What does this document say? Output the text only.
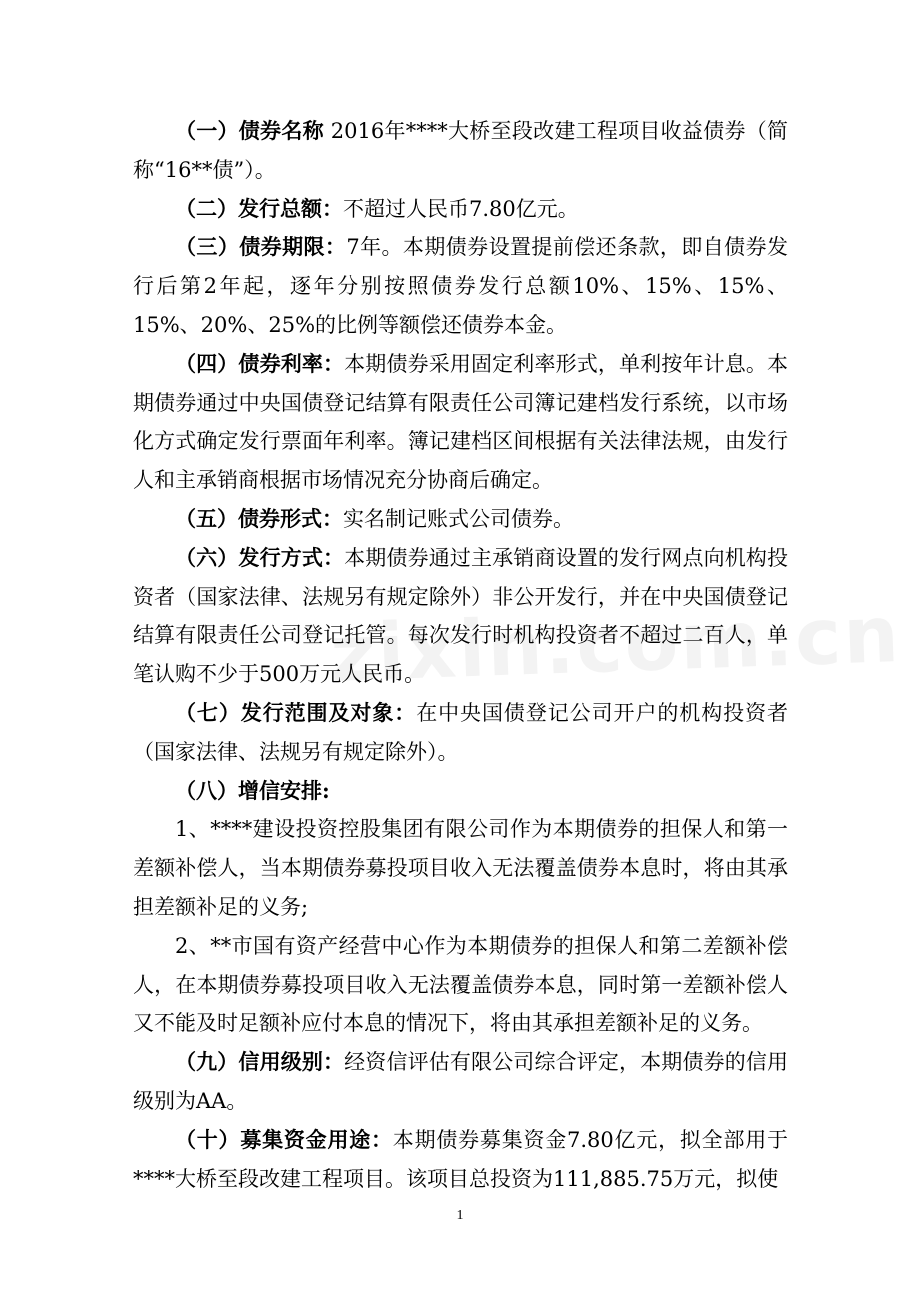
（一）债券名称 2016年****大桥至段改建工程项目收益债券（简称“16**债”）。

（二）发行总额：不超过人民币7.80亿元。

（三）债券期限：7年。本期债券设置提前偿还条款，即自债券发行后第2年起，逐年分别按照债券发行总额10%、15%、15%、15%、20%、25%的比例等额偿还债券本金。

（四）债券利率：本期债券采用固定利率形式，单利按年计息。本期债券通过中央国债登记结算有限责任公司簿记建档发行系统，以市场化方式确定发行票面年利率。簿记建档区间根据有关法律法规，由发行人和主承销商根据市场情况充分协商后确定。

（五）债券形式：实名制记账式公司债券。

（六）发行方式：本期债券通过主承销商设置的发行网点向机构投资者（国家法律、法规另有规定除外）非公开发行，并在中央国债登记结算有限责任公司登记托管。每次发行时机构投资者不超过二百人，单笔认购不少于500万元人民币。

（七）发行范围及对象：在中央国债登记公司开户的机构投资者（国家法律、法规另有规定除外）。

（八）增信安排:

1、****建设投资控股集团有限公司作为本期债券的担保人和第一差额补偿人，当本期债券募投项目收入无法覆盖债券本息时，将由其承担差额补足的义务;

2、**市国有资产经营中心作为本期债券的担保人和第二差额补偿人，在本期债券募投项目收入无法覆盖债券本息，同时第一差额补偿人又不能及时足额补应付本息的情况下，将由其承担差额补足的义务。

（九）信用级别：经资信评估有限公司综合评定，本期债券的信用级别为AA。

（十）募集资金用途：本期债券募集资金7.80亿元，拟全部用于****大桥至段改建工程项目。该项目总投资为111,885.75万元，拟使

1
